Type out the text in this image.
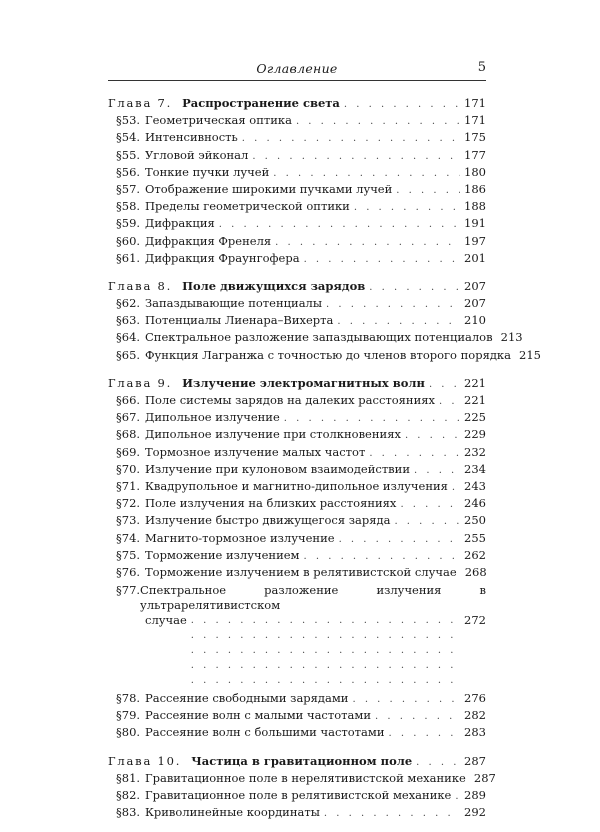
Оглавление	5
Глава 7. Распространение света . . .	171
§53. Геометрическая оптика . . .	171
§54. Интенсивность . . .	175
§55. Угловой эйконал . . .	177
§56. Тонкие пучки лучей . . .	180
§57. Отображение широкими пучками лучей . . .	186
§58. Пределы геометрической оптики . . .	188
§59. Дифракция . . .	191
§60. Дифракция Френеля . . .	197
§61. Дифракция Фраунгофера . . .	201
Глава 8. Поле движущихся зарядов . . .	207
§62. Запаздывающие потенциалы . . .	207
§63. Потенциалы Лиенара–Вихерта . . .	210
§64. Спектральное разложение запаздывающих потенциалов 213
§65. Функция Лагранжа с точностью до членов второго порядка 215
Глава 9. Излучение электромагнитных волн . . .	221
§66. Поле системы зарядов на далеких расстояниях . . .	221
§67. Дипольное излучение . . .	225
§68. Дипольное излучение при столкновениях . . .	229
§69. Тормозное излучение малых частот . . .	232
§70. Излучение при кулоновом взаимодействии . . .	234
§71. Квадрупольное и магнитно-дипольное излучения . . . 243
§72. Поле излучения на близких расстояниях . . .	246
§73. Излучение быстро движущегося заряда . . .	250
§74. Магнито-тормозное излучение . . .	255
§75. Торможение излучением . . .	262
§76. Торможение излучением в релятивистской случае 268
§77. Спектральное разложение излучения в ультрарелятивистском
случае . . .	272
§78. Рассеяние свободными зарядами . . .	276
§79. Рассеяние волн с малыми частотами . . .	282
§80. Рассеяние волн с большими частотами . . .	283
Глава 10. Частица в гравитационном поле . . .	287
§81. Гравитационное поле в нерелятивистской механике 287
§82. Гравитационное поле в релятивистской механике . . . 289
§83. Криволинейные координаты . . .	292
